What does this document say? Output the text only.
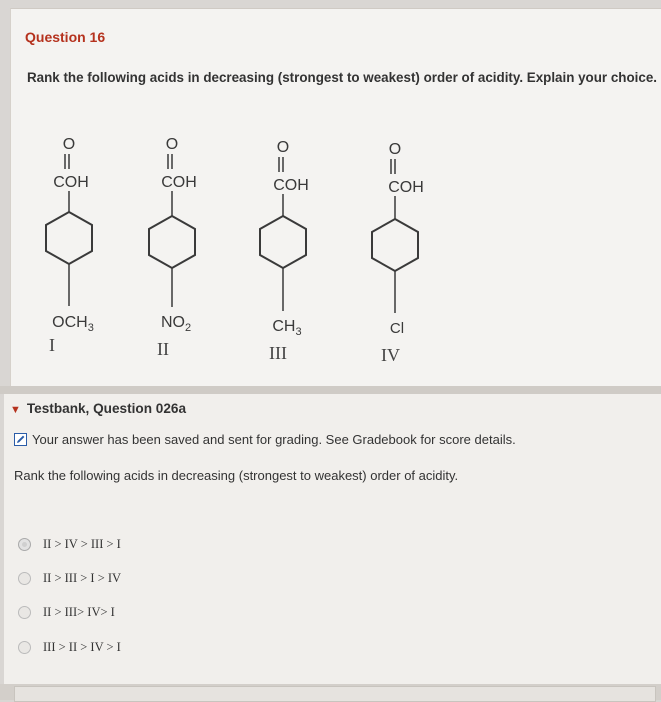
Question 16
Rank the following acids in decreasing (strongest to weakest) order of acidity. Explain your choice.
O
COH
$OCH_3$
O
COH
$NO_2$
O
COH
$CH_3$
O
COH
Cl
I	II	III	IV
▼ Testbank, Question 026a
Your answer has been saved and sent for grading. See Gradebook for score details.
Rank the following acids in decreasing (strongest to weakest) order of acidity.
II > IV > III > I
II > III > I > IV
II > III> IV> I
III > II > IV > I
